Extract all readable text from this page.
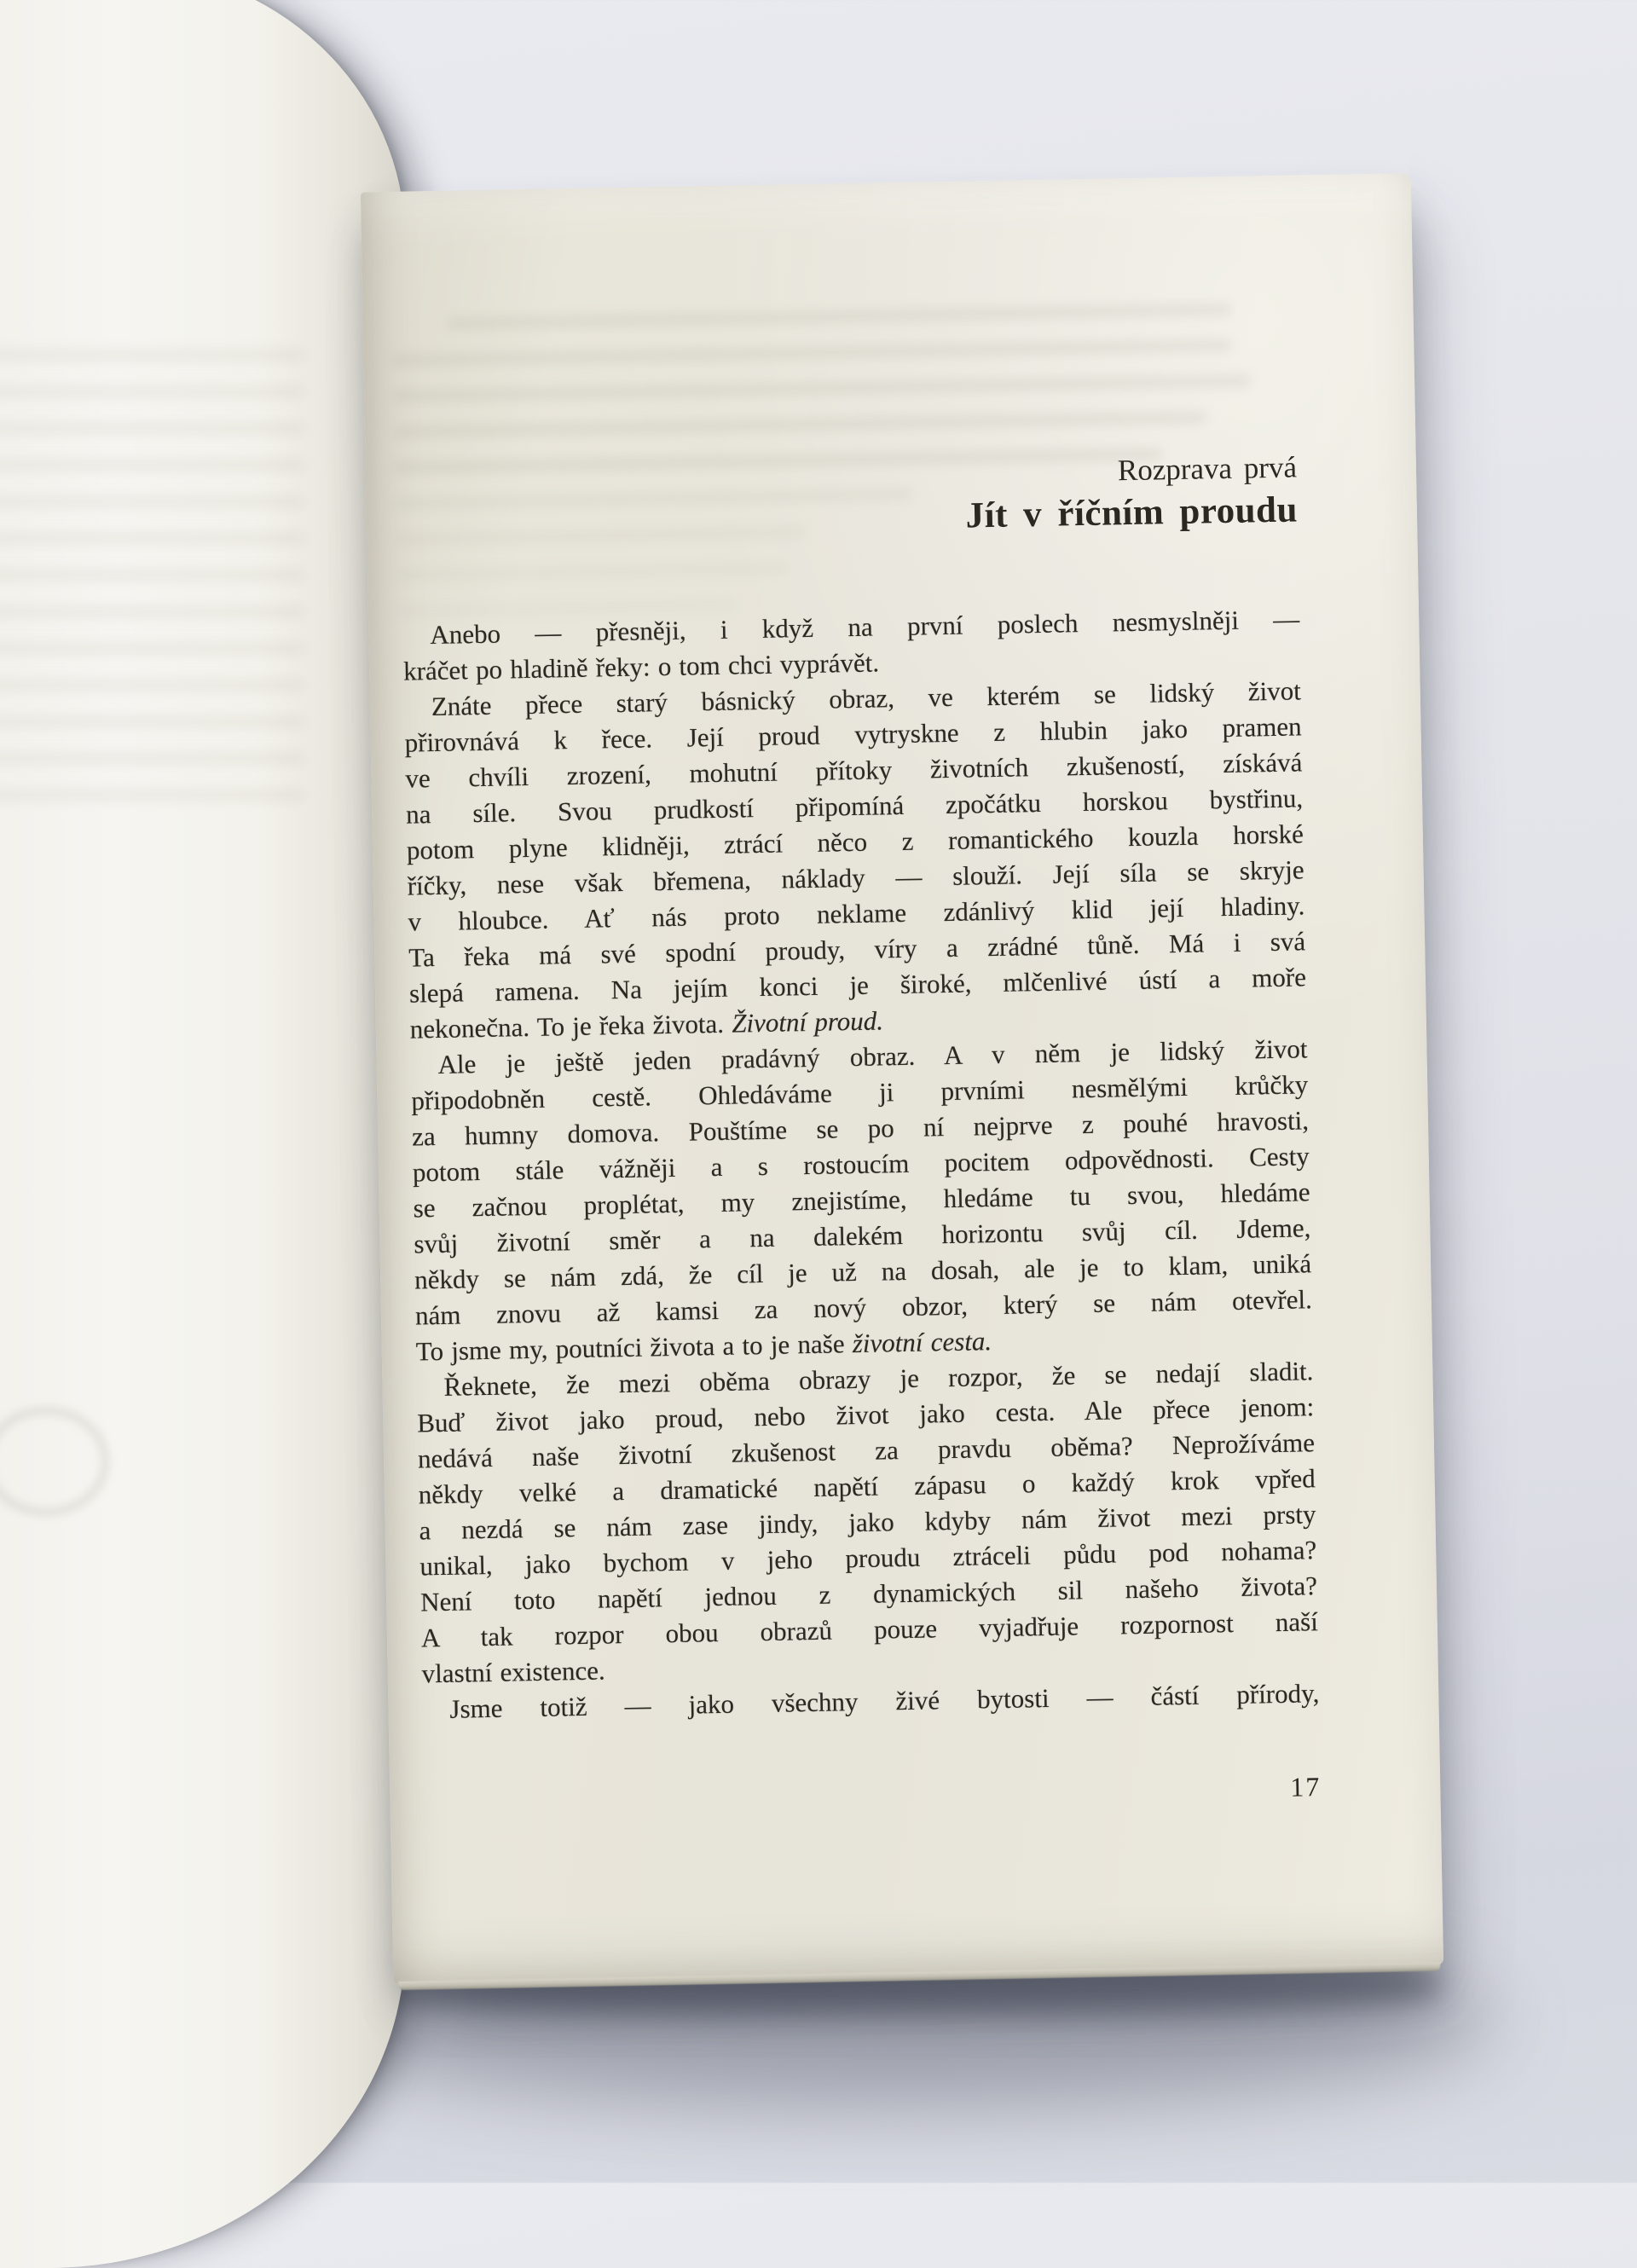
Rozprava prvá
Jít v říčním proudu
Anebo — přesněji, i když na první poslech nesmyslněji —
kráčet po hladině řeky: o tom chci vyprávět.
Znáte přece starý básnický obraz, ve kterém se lidský život
přirovnává k řece. Její proud vytryskne z hlubin jako pramen
ve chvíli zrození, mohutní přítoky životních zkušeností, získává
na síle. Svou prudkostí připomíná zpočátku horskou bystřinu,
potom plyne klidněji, ztrácí něco z romantického kouzla horské
říčky, nese však břemena, náklady — slouží. Její síla se skryje
v hloubce. Ať nás proto neklame zdánlivý klid její hladiny.
Ta řeka má své spodní proudy, víry a zrádné tůně. Má i svá
slepá ramena. Na jejím konci je široké, mlčenlivé ústí a moře
nekonečna. To je řeka života. Životní proud.
Ale je ještě jeden pradávný obraz. A v něm je lidský život
připodobněn cestě. Ohledáváme ji prvními nesmělými krůčky
za humny domova. Pouštíme se po ní nejprve z pouhé hravosti,
potom stále vážněji a s rostoucím pocitem odpovědnosti. Cesty
se začnou proplétat, my znejistíme, hledáme tu svou, hledáme
svůj životní směr a na dalekém horizontu svůj cíl. Jdeme,
někdy se nám zdá, že cíl je už na dosah, ale je to klam, uniká
nám znovu až kamsi za nový obzor, který se nám otevřel.
To jsme my, poutníci života a to je naše životní cesta.
Řeknete, že mezi oběma obrazy je rozpor, že se nedají sladit.
Buď život jako proud, nebo život jako cesta. Ale přece jenom:
nedává naše životní zkušenost za pravdu oběma? Neprožíváme
někdy velké a dramatické napětí zápasu o každý krok vpřed
a nezdá se nám zase jindy, jako kdyby nám život mezi prsty
unikal, jako bychom v jeho proudu ztráceli půdu pod nohama?
Není toto napětí jednou z dynamických sil našeho života?
A tak rozpor obou obrazů pouze vyjadřuje rozpornost naší
vlastní existence.
Jsme totiž — jako všechny živé bytosti — částí přírody,
17
